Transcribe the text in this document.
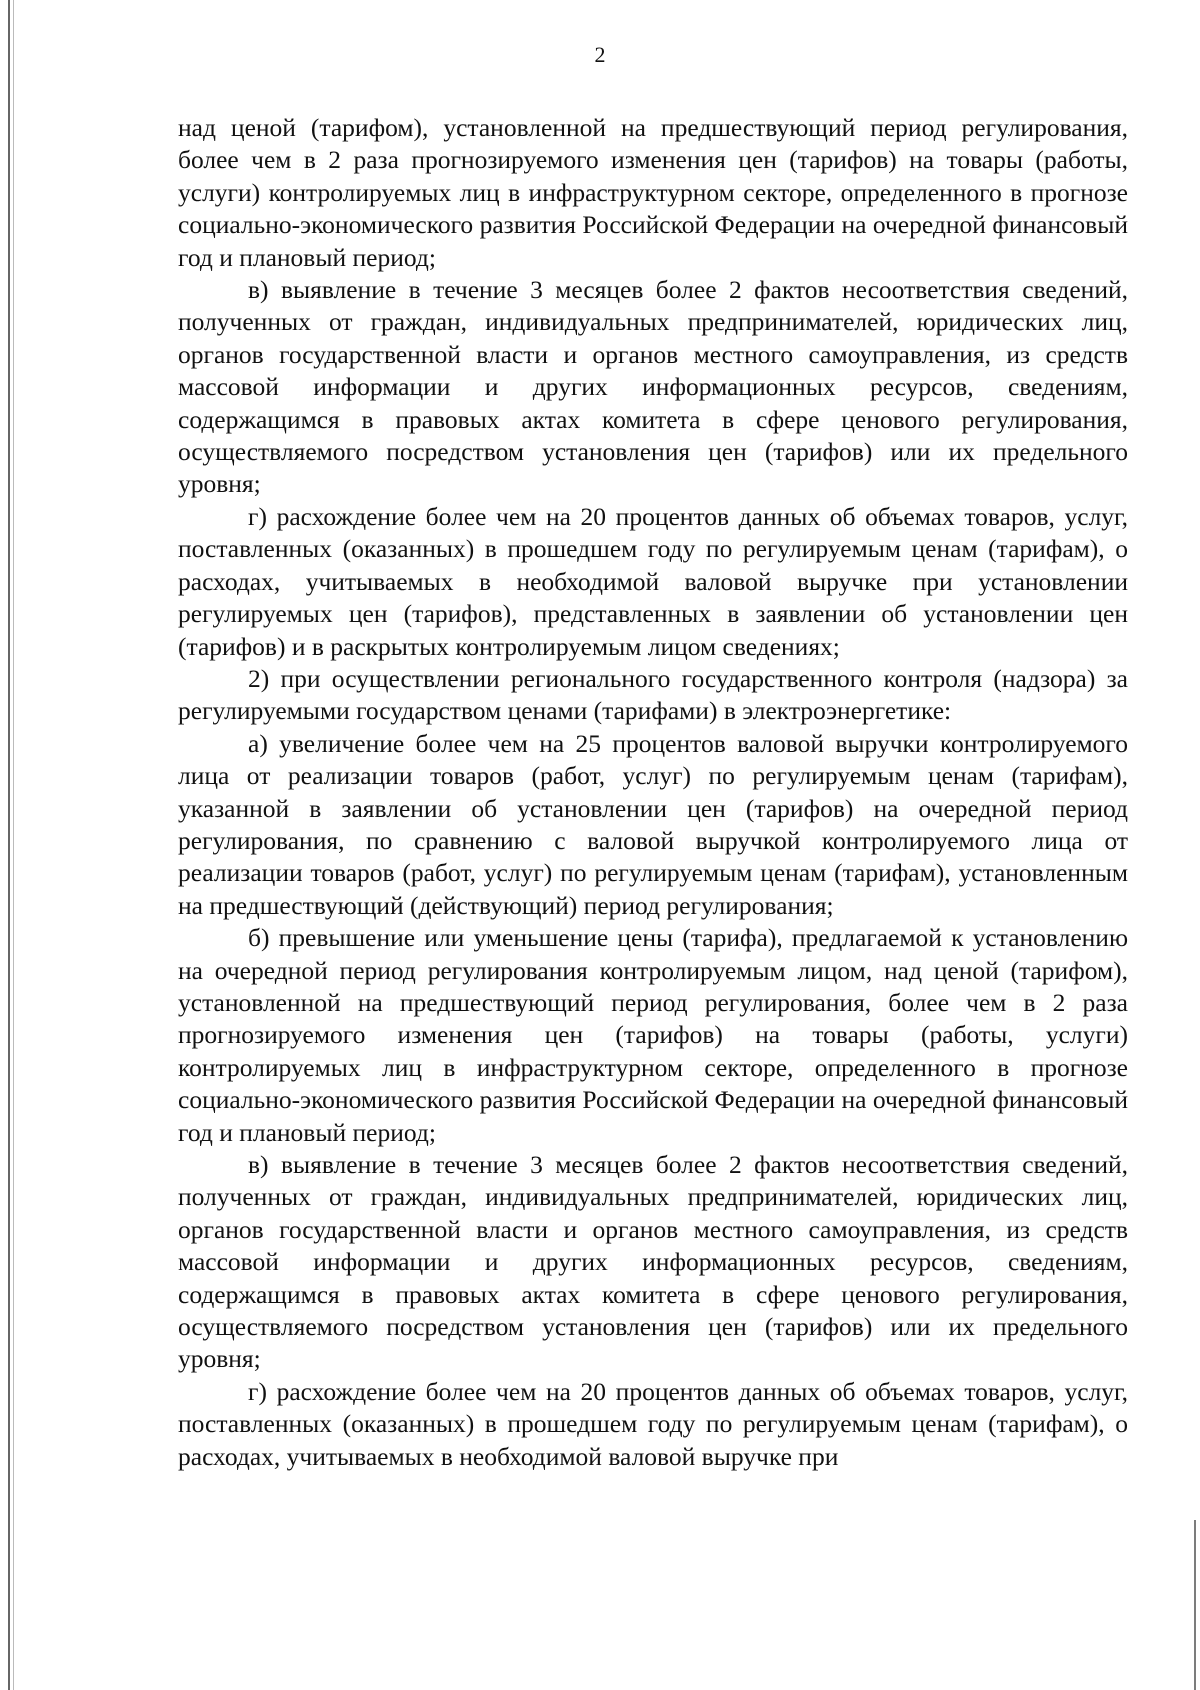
2

над ценой (тарифом), установленной на предшествующий период регулирования, более чем в 2 раза прогнозируемого изменения цен (тарифов) на товары (работы, услуги) контролируемых лиц в инфраструктурном секторе, определенного в прогнозе социально-экономического развития Российской Федерации на очередной финансовый год и плановый период;

в) выявление в течение 3 месяцев более 2 фактов несоответствия сведений, полученных от граждан, индивидуальных предпринимателей, юридических лиц, органов государственной власти и органов местного самоуправления, из средств массовой информации и других информационных ресурсов, сведениям, содержащимся в правовых актах комитета в сфере ценового регулирования, осуществляемого посредством установления цен (тарифов) или их предельного уровня;

г) расхождение более чем на 20 процентов данных об объемах товаров, услуг, поставленных (оказанных) в прошедшем году по регулируемым ценам (тарифам), о расходах, учитываемых в необходимой валовой выручке при установлении регулируемых цен (тарифов), представленных в заявлении об установлении цен (тарифов) и в раскрытых контролируемым лицом сведениях;

2) при осуществлении регионального государственного контроля (надзора) за регулируемыми государством ценами (тарифами) в электроэнергетике:

а) увеличение более чем на 25 процентов валовой выручки контролируемого лица от реализации товаров (работ, услуг) по регулируемым ценам (тарифам), указанной в заявлении об установлении цен (тарифов) на очередной период регулирования, по сравнению с валовой выручкой контролируемого лица от реализации товаров (работ, услуг) по регулируемым ценам (тарифам), установленным на предшествующий (действующий) период регулирования;

б) превышение или уменьшение цены (тарифа), предлагаемой к установлению на очередной период регулирования контролируемым лицом, над ценой (тарифом), установленной на предшествующий период регулирования, более чем в 2 раза прогнозируемого изменения цен (тарифов) на товары (работы, услуги) контролируемых лиц в инфраструктурном секторе, определенного в прогнозе социально-экономического развития Российской Федерации на очередной финансовый год и плановый период;

в) выявление в течение 3 месяцев более 2 фактов несоответствия сведений, полученных от граждан, индивидуальных предпринимателей, юридических лиц, органов государственной власти и органов местного самоуправления, из средств массовой информации и других информационных ресурсов, сведениям, содержащимся в правовых актах комитета в сфере ценового регулирования, осуществляемого посредством установления цен (тарифов) или их предельного уровня;

г) расхождение более чем на 20 процентов данных об объемах товаров, услуг, поставленных (оказанных) в прошедшем году по регулируемым ценам (тарифам), о расходах, учитываемых в необходимой валовой выручке при
